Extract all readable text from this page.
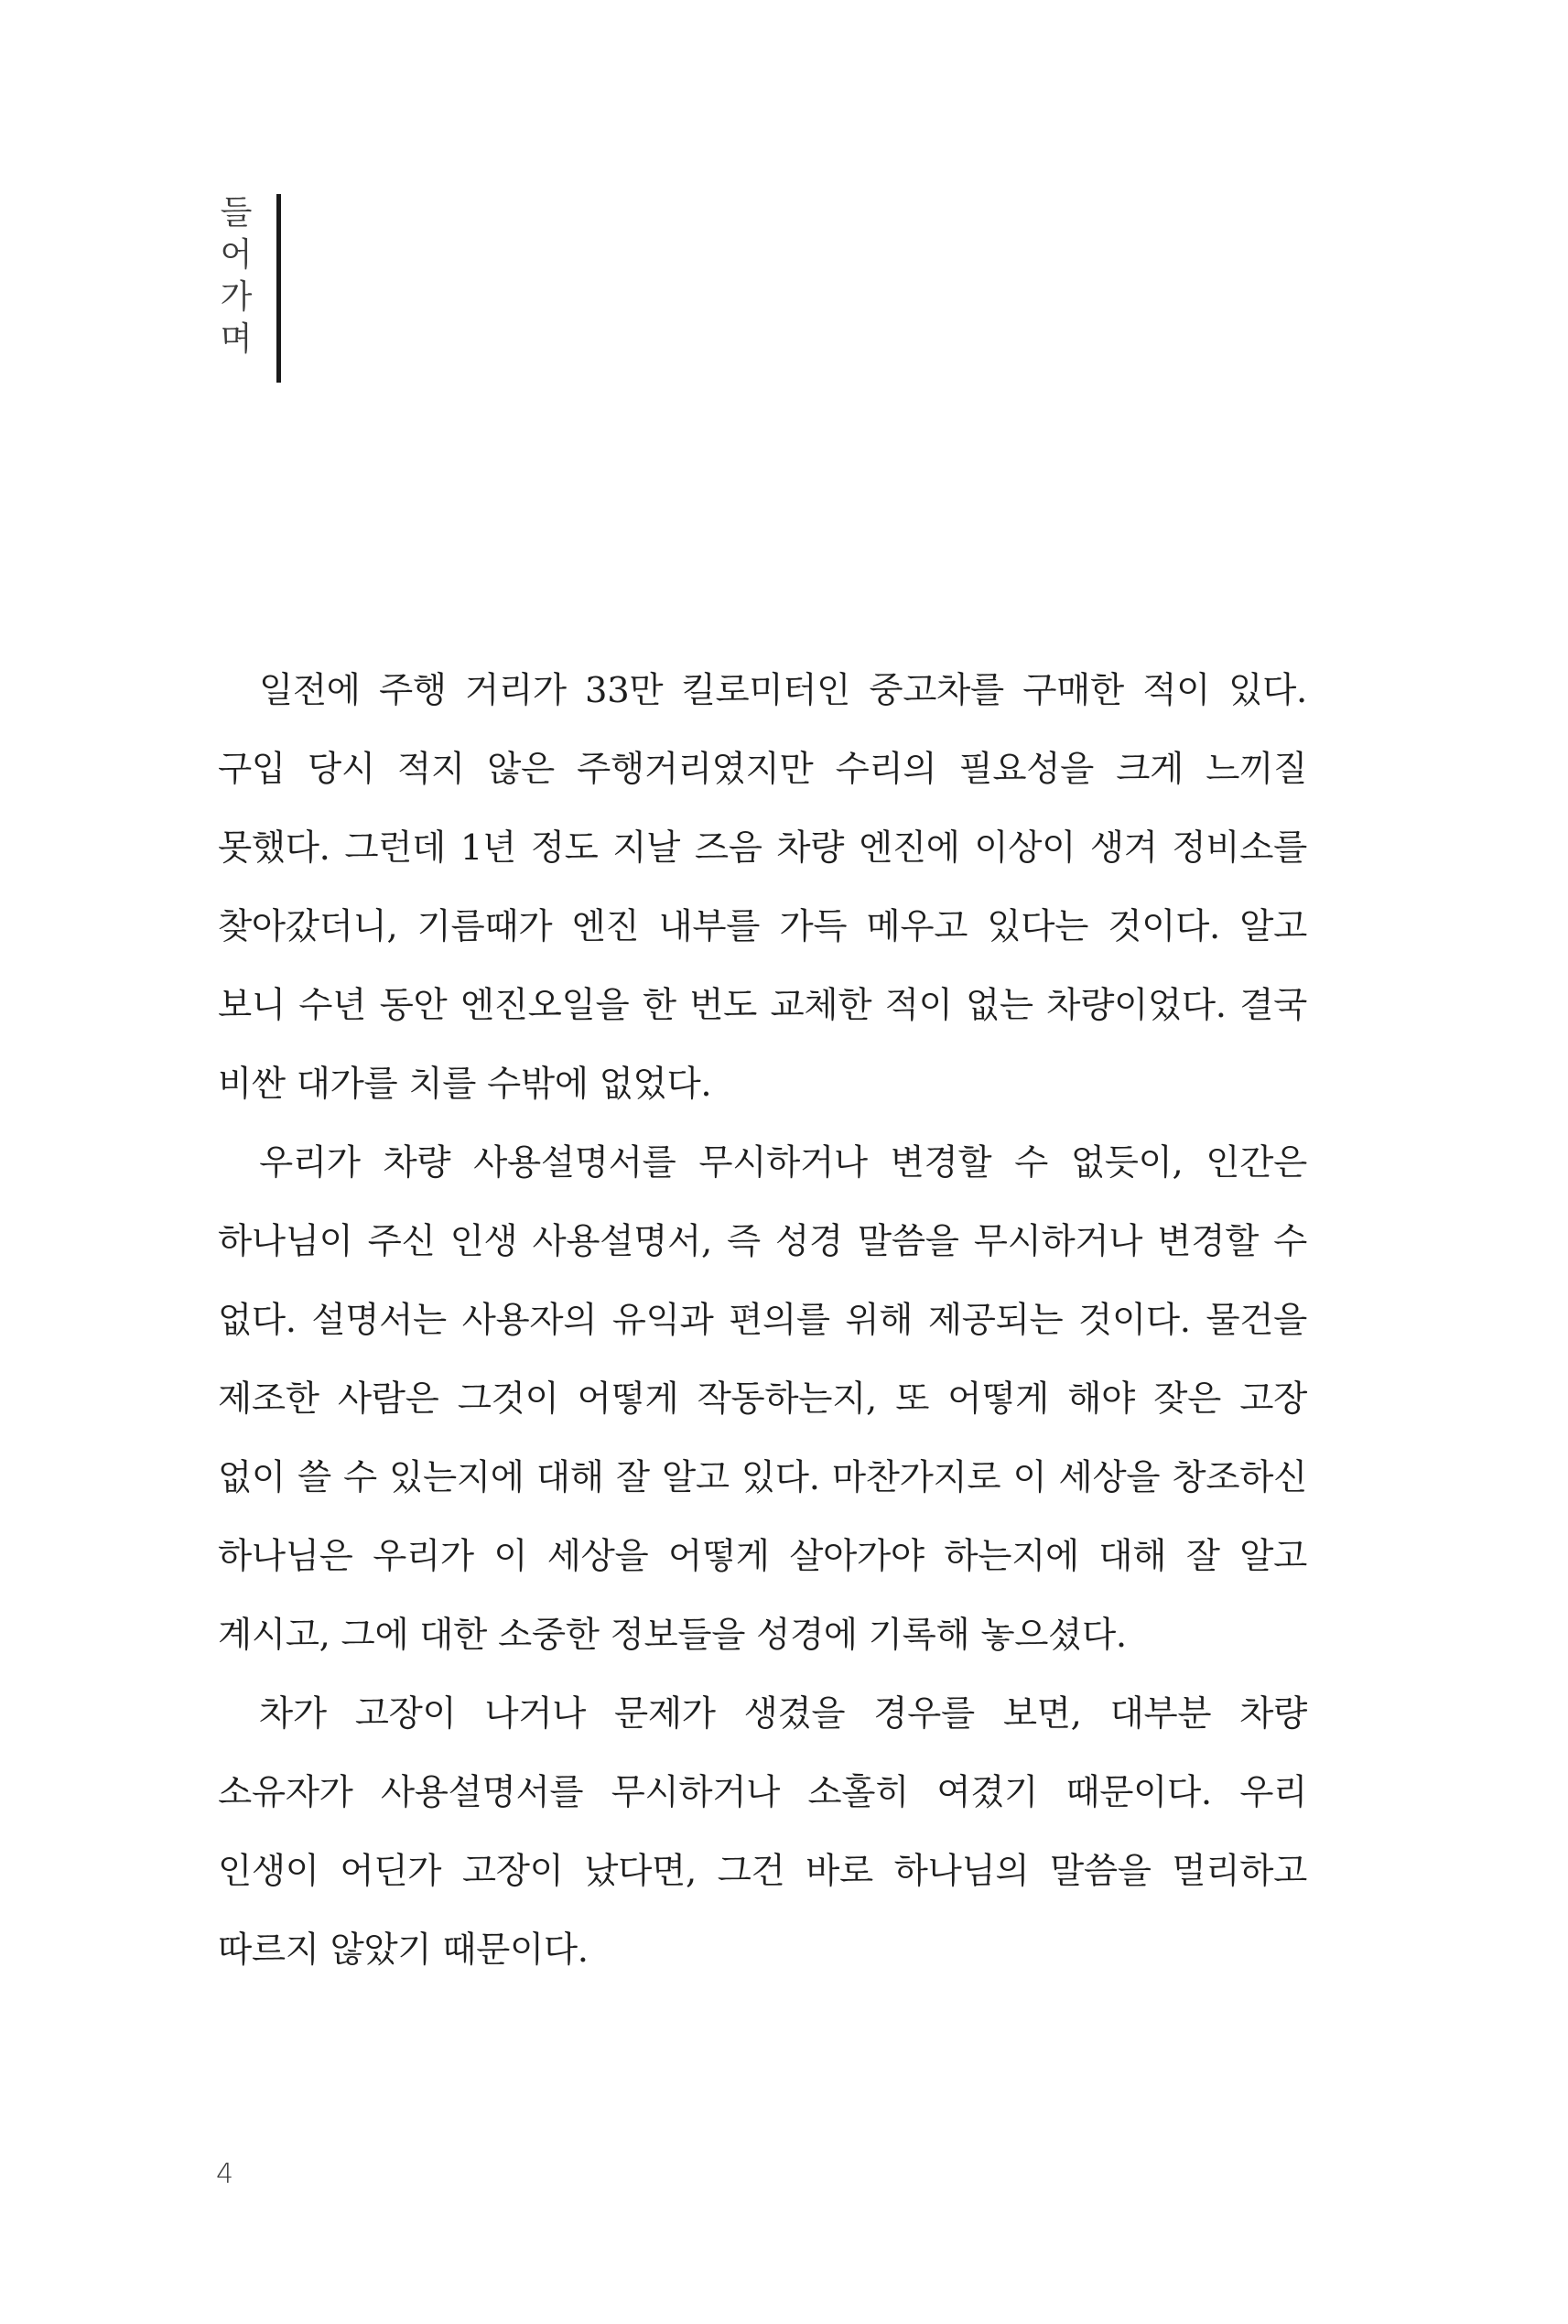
들
어
가
며

일전에 주행 거리가 33만 킬로미터인 중고차를 구매한 적이 있다. 구입 당시 적지 않은 주행거리였지만 수리의 필요성을 크게 느끼질 못했다. 그런데 1년 정도 지날 즈음 차량 엔진에 이상이 생겨 정비소를 찾아갔더니, 기름때가 엔진 내부를 가득 메우고 있다는 것이다. 알고 보니 수년 동안 엔진오일을 한 번도 교체한 적이 없는 차량이었다. 결국 비싼 대가를 치를 수밖에 없었다.

우리가 차량 사용설명서를 무시하거나 변경할 수 없듯이, 인간은 하나님이 주신 인생 사용설명서, 즉 성경 말씀을 무시하거나 변경할 수 없다. 설명서는 사용자의 유익과 편의를 위해 제공되는 것이다. 물건을 제조한 사람은 그것이 어떻게 작동하는지, 또 어떻게 해야 잦은 고장 없이 쓸 수 있는지에 대해 잘 알고 있다. 마찬가지로 이 세상을 창조하신 하나님은 우리가 이 세상을 어떻게 살아가야 하는지에 대해 잘 알고 계시고, 그에 대한 소중한 정보들을 성경에 기록해 놓으셨다.

차가 고장이 나거나 문제가 생겼을 경우를 보면, 대부분 차량 소유자가 사용설명서를 무시하거나 소홀히 여겼기 때문이다. 우리 인생이 어딘가 고장이 났다면, 그건 바로 하나님의 말씀을 멀리하고 따르지 않았기 때문이다.

4
